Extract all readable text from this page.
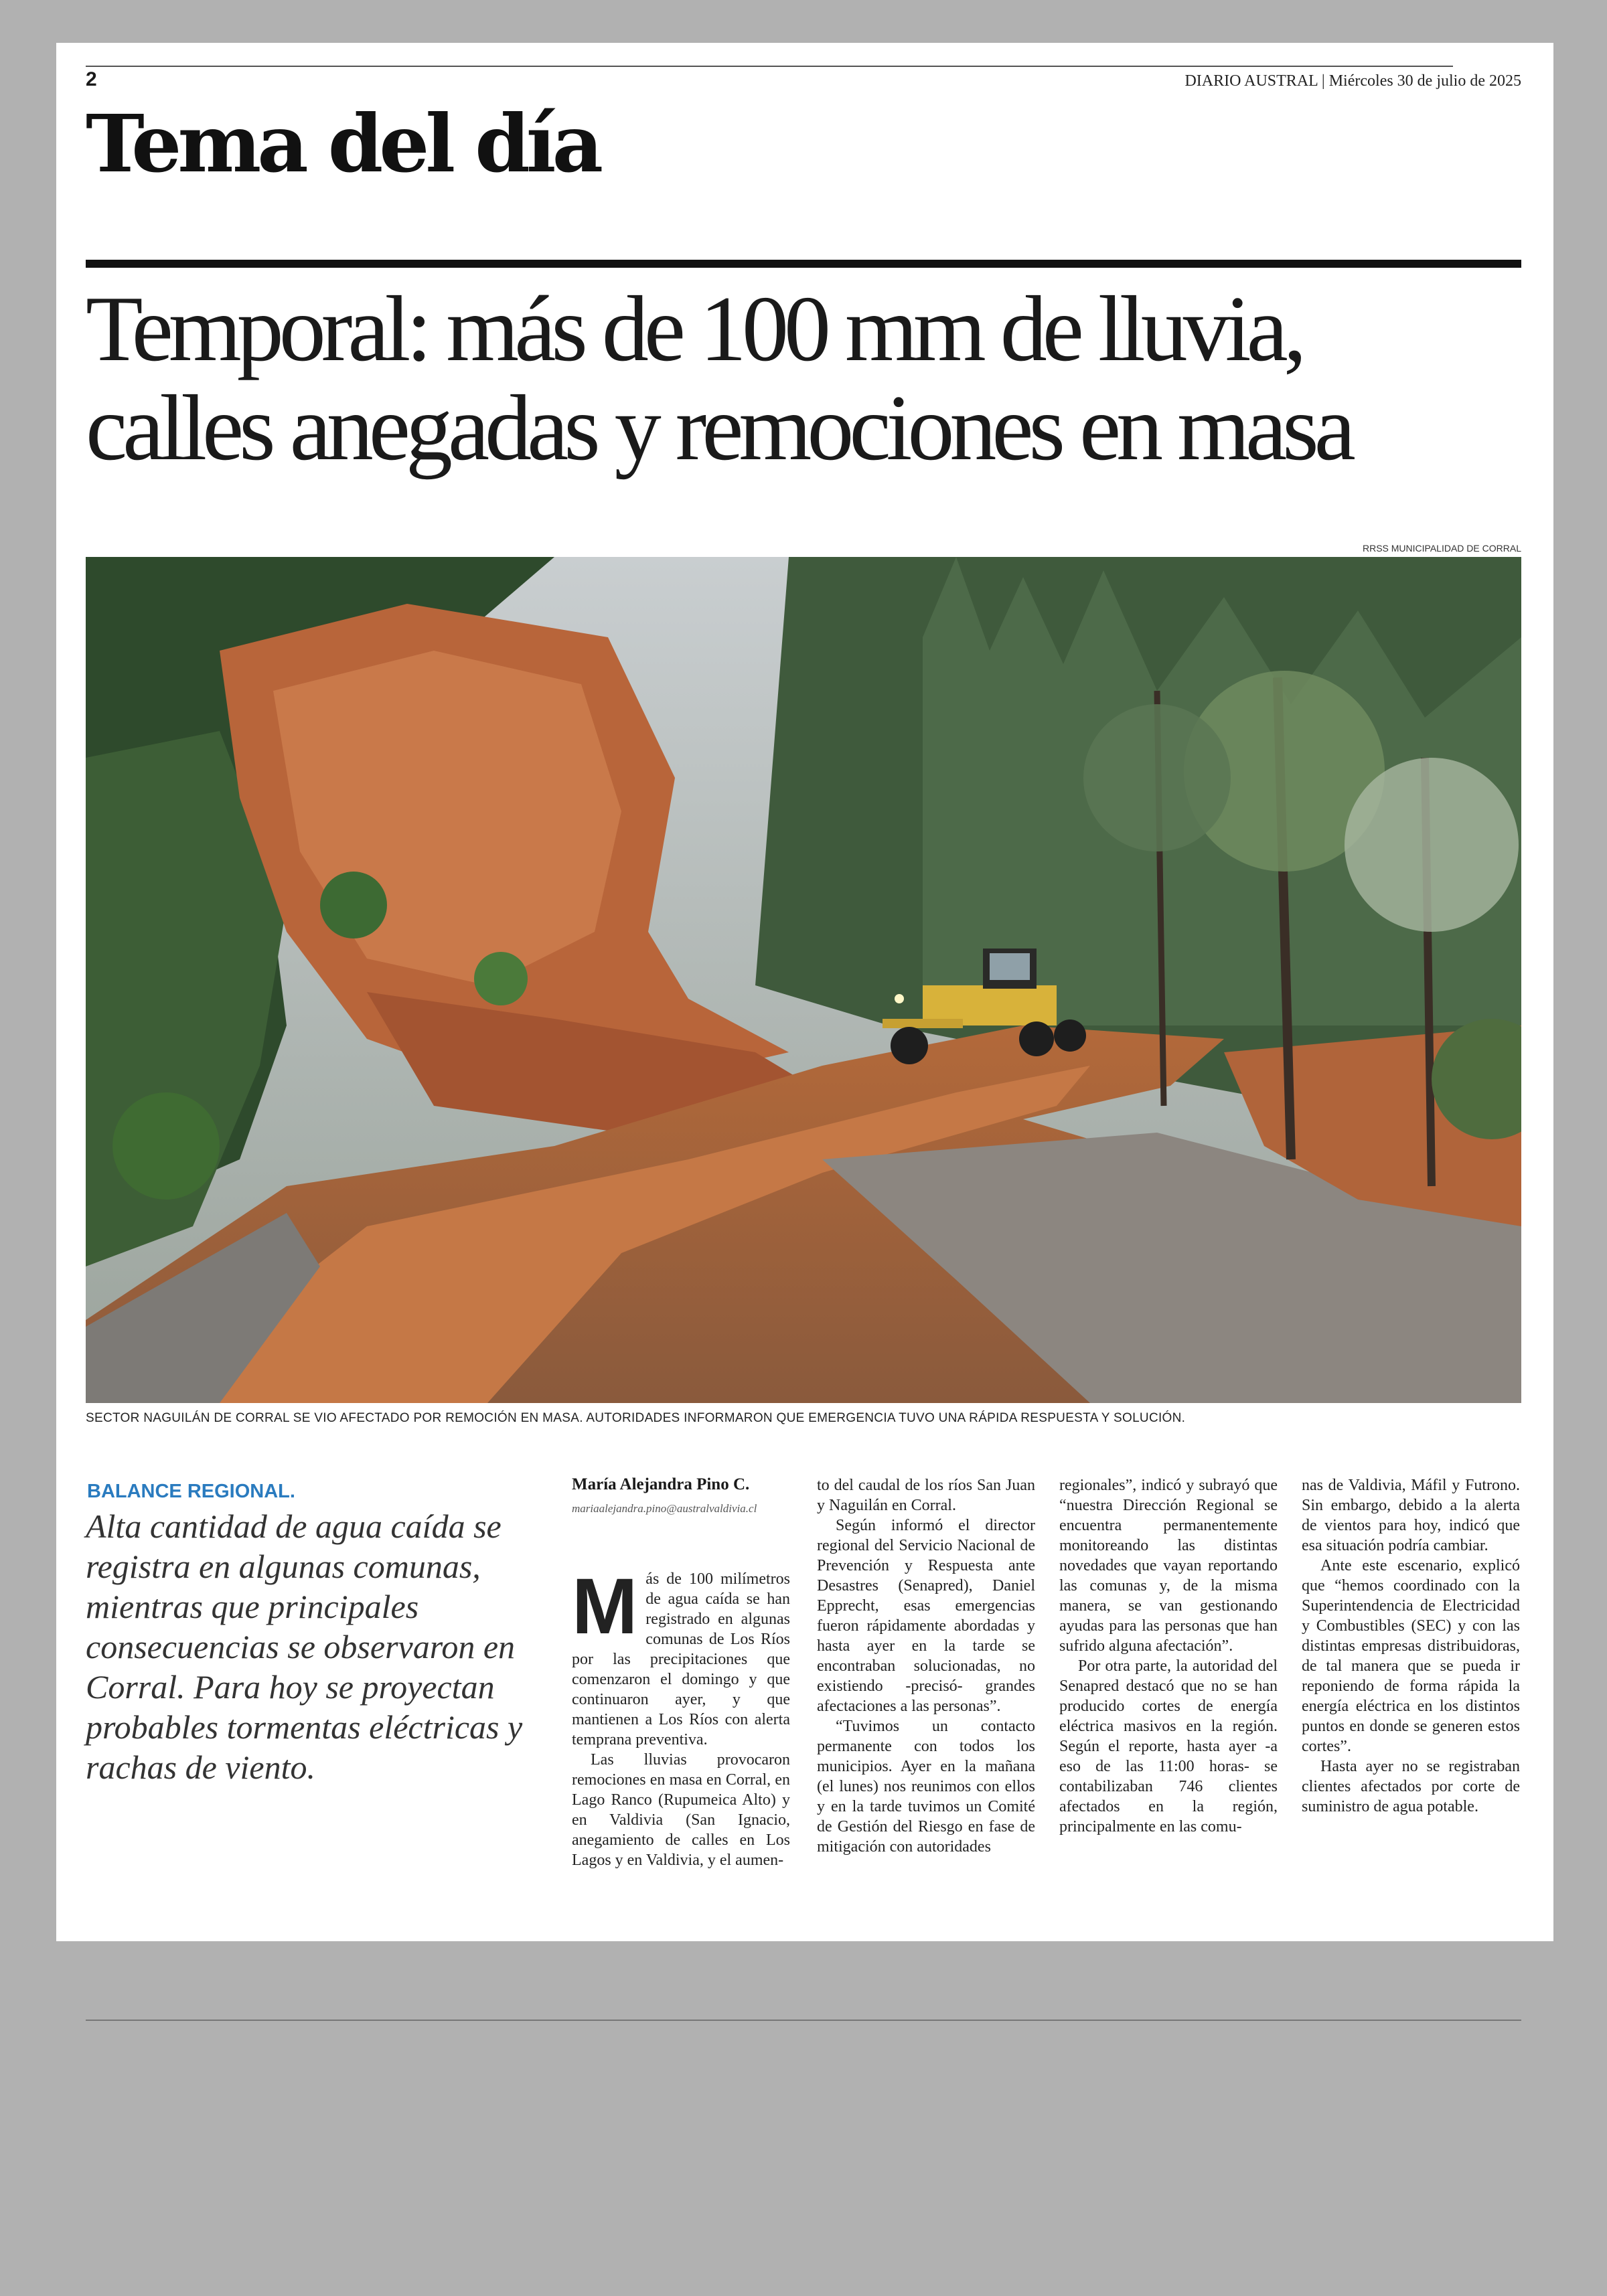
2	DIARIO AUSTRAL | Miércoles 30 de julio de 2025
Tema del día
Temporal: más de 100 mm de lluvia,
calles anegadas y remociones en masa
RRSS MUNICIPALIDAD DE CORRAL
SECTOR NAGUILÁN DE CORRAL SE VIO AFECTADO POR REMOCIÓN EN MASA. AUTORIDADES INFORMARON QUE EMERGENCIA TUVO UNA RÁPIDA RESPUESTA Y SOLUCIÓN.
BALANCE REGIONAL.
Alta cantidad de agua caída se registra en algunas comunas, mientras que principales consecuencias se observaron en Corral. Para hoy se proyectan probables tormentas eléctricas y rachas de viento.
María Alejandra Pino C.
mariaalejandra.pino@australvaldivia.cl
M ás de 100 milímetros de agua caída se han registrado en algunas comunas de Los Ríos por las precipitaciones que comenzaron el domingo y que continuaron ayer, y que mantienen a Los Ríos con alerta temprana preventiva.

Las lluvias provocaron remociones en masa en Corral, en Lago Ranco (Rupumeica Alto) y en Valdivia (San Ignacio, anegamiento de calles en Los Lagos y en Valdivia, y el aumen-

to del caudal de los ríos San Juan y Naguilán en Corral.

Según informó el director regional del Servicio Nacional de Prevención y Respuesta ante Desastres (Senapred), Daniel Epprecht, esas emergencias fueron rápidamente abordadas y hasta ayer en la tarde se encontraban solucionadas, no existiendo -precisó- grandes afectaciones a las personas”.

“Tuvimos un contacto permanente con todos los municipios. Ayer en la mañana (el lunes) nos reunimos con ellos y en la tarde tuvimos un Comité de Gestión del Riesgo en fase de mitigación con autoridades

regionales”, indicó y subrayó que “nuestra Dirección Regional se encuentra permanentemente monitoreando las distintas novedades que vayan reportando las comunas y, de la misma manera, se van gestionando ayudas para las personas que han sufrido alguna afectación”.

Por otra parte, la autoridad del Senapred destacó que no se han producido cortes de energía eléctrica masivos en la región. Según el reporte, hasta ayer -a eso de las 11:00 horas- se contabilizaban 746 clientes afectados en la región, principalmente en las comu-

nas de Valdivia, Máfil y Futrono. Sin embargo, debido a la alerta de vientos para hoy, indicó que esa situación podría cambiar.

Ante este escenario, explicó que “hemos coordinado con la Superintendencia de Electricidad y Combustibles (SEC) y con las distintas empresas distribuidoras, de tal manera que se pueda ir reponiendo de forma rápida la energía eléctrica en los distintos puntos en donde se generen estos cortes”.

Hasta ayer no se registraban clientes afectados por corte de suministro de agua potable.
